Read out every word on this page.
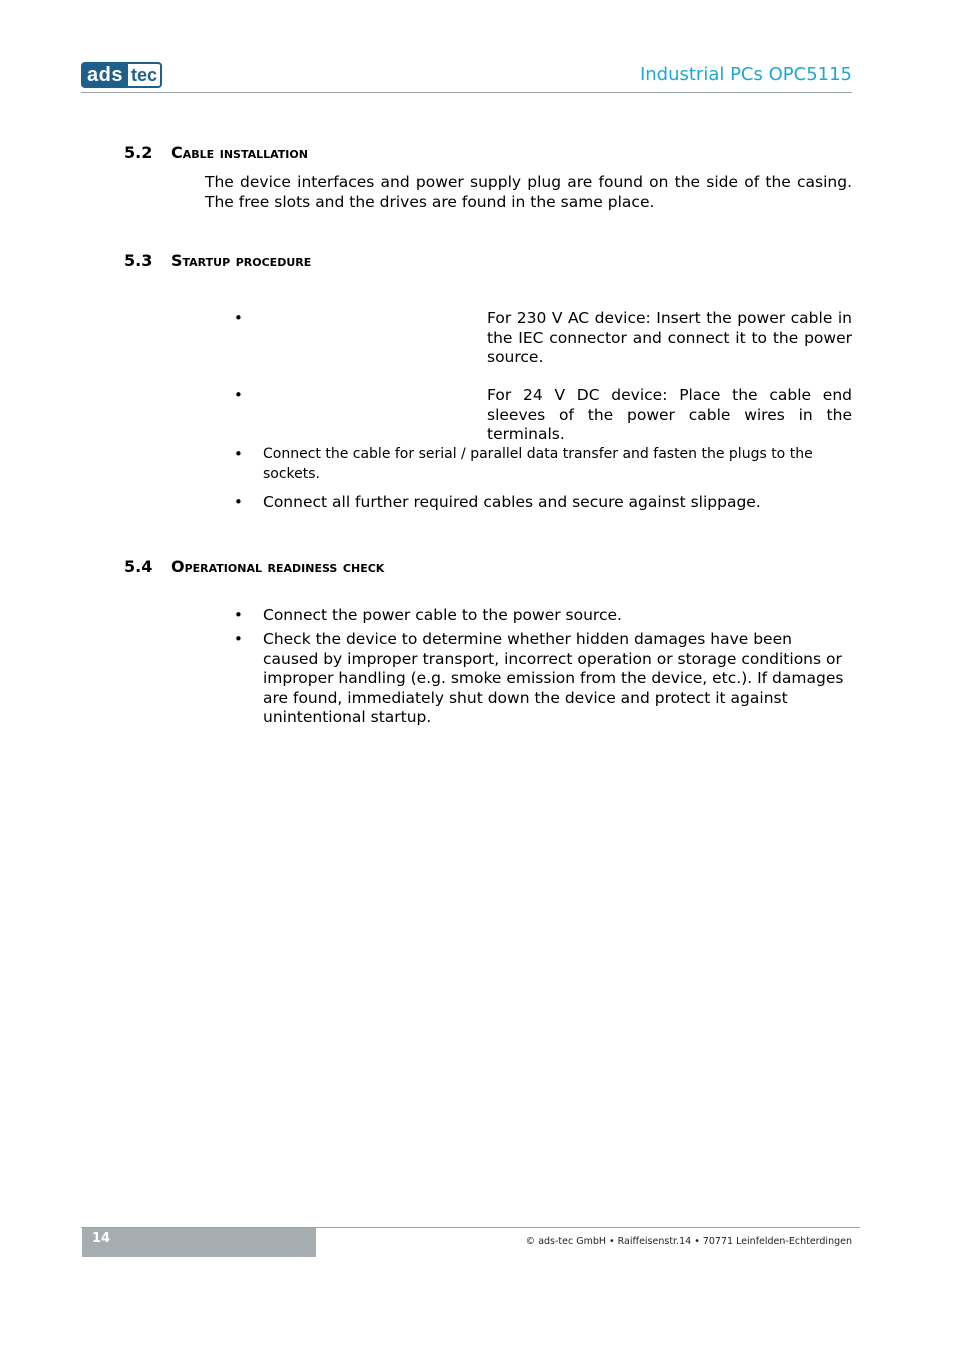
ads tec	Industrial PCs OPC5115
5.2 Cable installation
The device interfaces and power supply plug are found on the side of the casing. The free slots and the drives are found in the same place.
5.3 Startup procedure
•	For 230 V AC device: Insert the power cable in the IEC connector and connect it to the power source.
•	For 24 V DC device: Place the cable end sleeves of the power cable wires in the terminals.
• Connect the cable for serial / parallel data transfer and fasten the plugs to the sockets.
• Connect all further required cables and secure against slippage.
5.4 Operational readiness check
• Connect the power cable to the power source.
• Check the device to determine whether hidden damages have been caused by improper transport, incorrect operation or storage conditions or improper handling (e.g. smoke emission from the device, etc.). If damages are found, immediately shut down the device and protect it against unintentional startup.
14	© ads-tec GmbH • Raiffeisenstr.14 • 70771 Leinfelden-Echterdingen
